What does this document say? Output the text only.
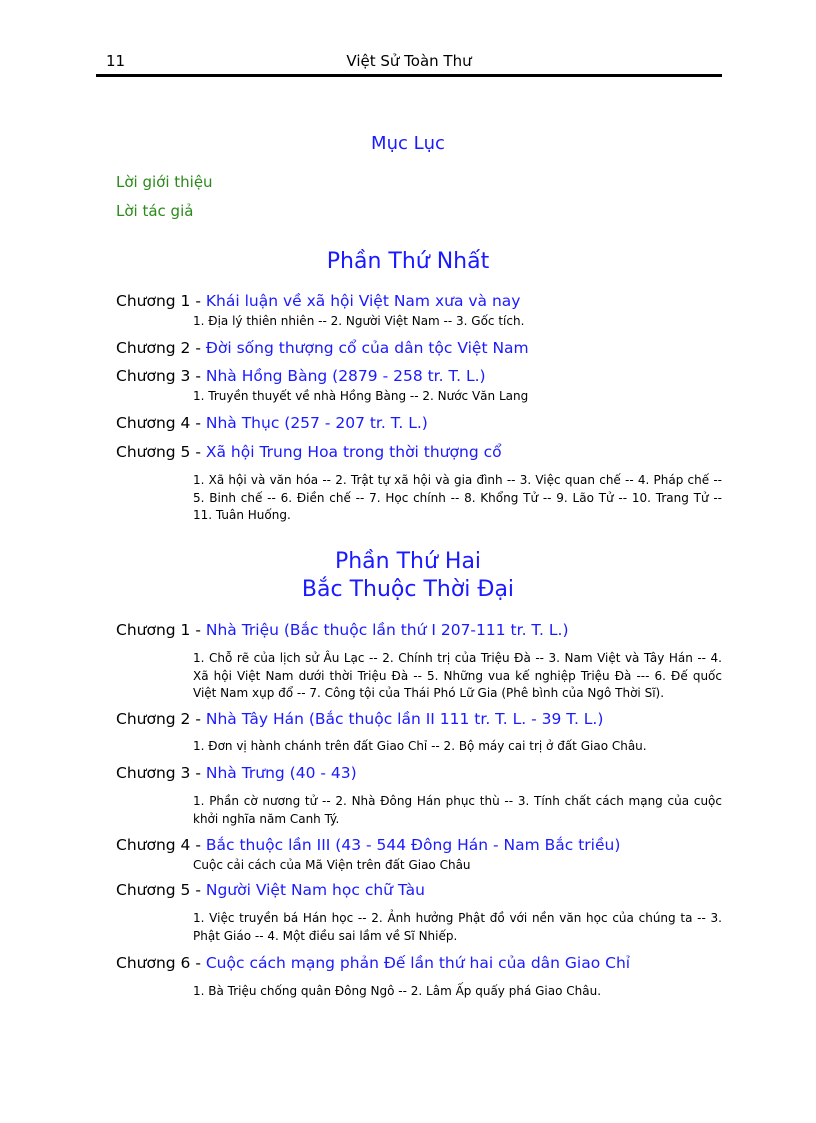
11	Việt Sử Toàn Thư
Mục Lục
Lời giới thiệu
Lời tác giả
Phần Thứ Nhất
Chương 1 - Khái luận về xã hội Việt Nam xưa và nay
1. Địa lý thiên nhiên -- 2. Người Việt Nam -- 3. Gốc tích.
Chương 2 - Đời sống thượng cổ của dân tộc Việt Nam
Chương 3 - Nhà Hồng Bàng (2879 - 258 tr. T. L.)
1. Truyền thuyết về nhà Hồng Bàng -- 2. Nước Văn Lang
Chương 4 - Nhà Thục (257 - 207 tr. T. L.)
Chương 5 - Xã hội Trung Hoa trong thời thượng cổ
1. Xã hội và văn hóa -- 2. Trật tự xã hội và gia đình -- 3. Việc quan chế -- 4. Pháp chế -- 5. Binh chế -- 6. Điền chế -- 7. Học chính -- 8. Khổng Tử -- 9. Lão Tử -- 10. Trang Tử -- 11. Tuân Huống.
Phần Thứ Hai
Bắc Thuộc Thời Đại
Chương 1 - Nhà Triệu (Bắc thuộc lần thứ I 207-111 tr. T. L.)
1. Chỗ rẽ của lịch sử Âu Lạc -- 2. Chính trị của Triệu Đà -- 3. Nam Việt và Tây Hán -- 4. Xã hội Việt Nam dưới thời Triệu Đà -- 5. Những vua kế nghiệp Triệu Đà --- 6. Đế quốc Việt Nam xụp đổ -- 7. Công tội của Thái Phó Lữ Gia (Phê bình của Ngô Thời Sĩ).
Chương 2 - Nhà Tây Hán (Bắc thuộc lần II 111 tr. T. L. - 39 T. L.)
1. Đơn vị hành chánh trên đất Giao Chỉ -- 2. Bộ máy cai trị ở đất Giao Châu.
Chương 3 - Nhà Trưng (40 - 43)
1. Phần cờ nương tử -- 2. Nhà Đông Hán phục thù -- 3. Tính chất cách mạng của cuộc khởi nghĩa năm Canh Tý.
Chương 4 - Bắc thuộc lần III (43 - 544 Đông Hán - Nam Bắc triều)
Cuộc cải cách của Mã Viện trên đất Giao Châu
Chương 5 - Người Việt Nam học chữ Tàu
1. Việc truyền bá Hán học -- 2. Ảnh hưởng Phật đồ với nền văn học của chúng ta -- 3. Phật Giáo -- 4. Một điều sai lầm về Sĩ Nhiếp.
Chương 6 - Cuộc cách mạng phản Đế lần thứ hai của dân Giao Chỉ
1. Bà Triệu chống quân Đông Ngô -- 2. Lâm Ấp quấy phá Giao Châu.
